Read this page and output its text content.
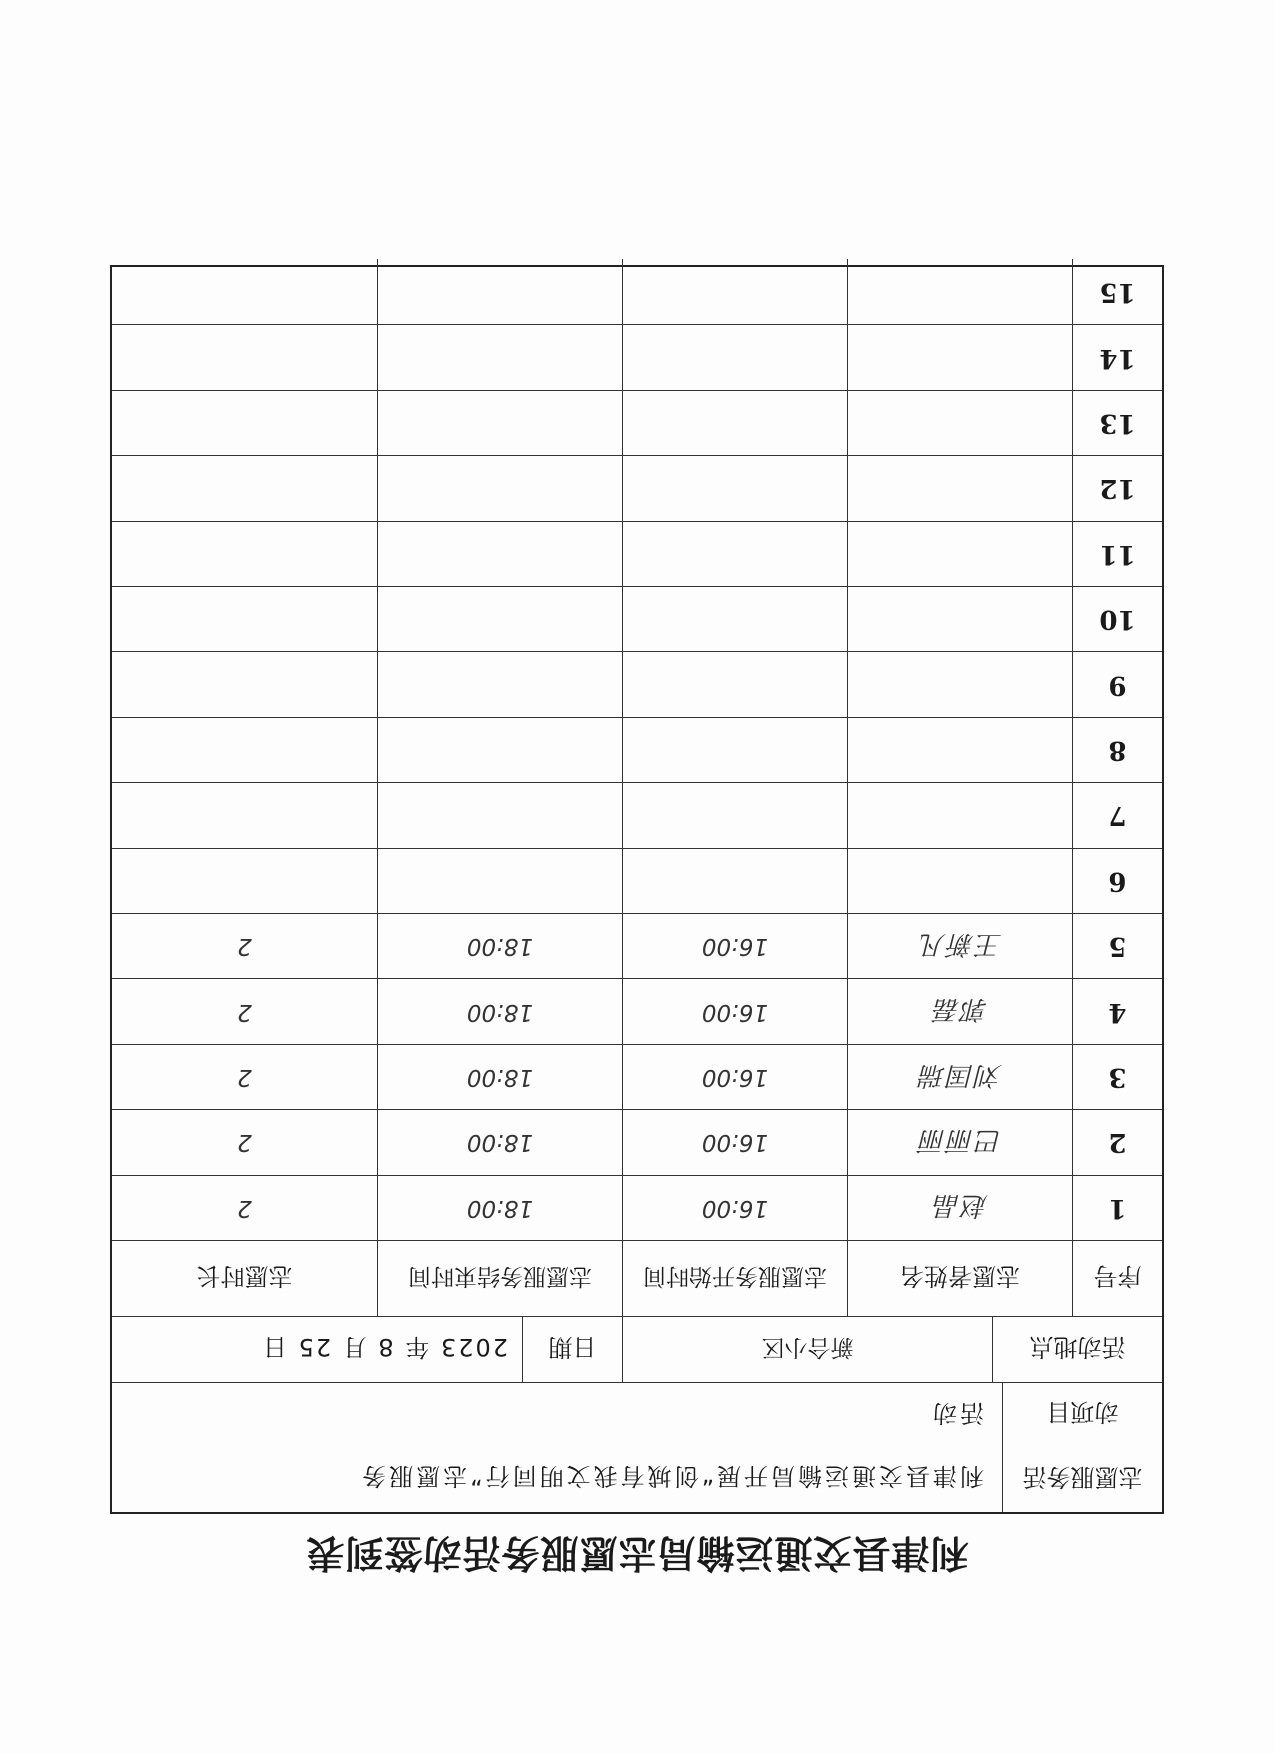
利津县交通运输局志愿服务活动签到表
志愿服务活
动项目
利津县交通运输局开展“创城有我文明同行”志愿服务
活动
活动地点
新合小区
日期
2023 年 8 月 25 日
序号
志愿者姓名
志愿服务开始时间
志愿服务结束时间
志愿时长
1
赵晶
16:00
18:00
2
2
巴丽丽
16:00
18:00
2
3
刘国瑞
16:00
18:00
2
4
郭磊
16:00
18:00
2
5
王新凡
16:00
18:00
2
6
7
8
9
10
11
12
13
14
15
